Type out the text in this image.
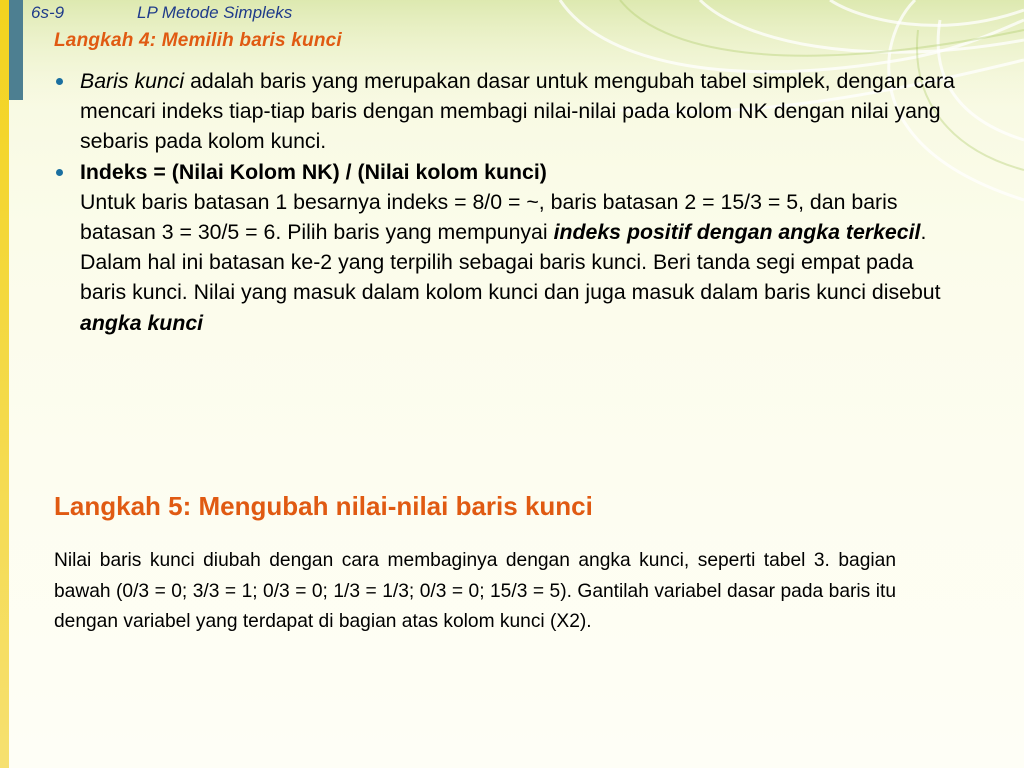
6s-9	LP Metode Simpleks
Langkah 4: Memilih baris kunci
Baris kunci adalah baris yang merupakan dasar untuk mengubah tabel simplek, dengan cara mencari indeks tiap-tiap baris dengan membagi nilai-nilai pada kolom NK dengan nilai yang sebaris pada kolom kunci.
Indeks = (Nilai Kolom NK) / (Nilai kolom kunci)
Untuk baris batasan 1 besarnya indeks = 8/0 = ~, baris batasan 2 = 15/3 = 5, dan baris batasan 3 = 30/5 = 6. Pilih baris yang mempunyai indeks positif dengan angka terkecil. Dalam hal ini batasan ke-2 yang terpilih sebagai baris kunci. Beri tanda segi empat pada baris kunci. Nilai yang masuk dalam kolom kunci dan juga masuk dalam baris kunci disebut angka kunci
Langkah 5: Mengubah nilai-nilai baris kunci

Nilai baris kunci diubah dengan cara membaginya dengan angka kunci, seperti tabel 3. bagian bawah (0/3 = 0; 3/3 = 1; 0/3 = 0; 1/3 = 1/3; 0/3 = 0; 15/3 = 5). Gantilah variabel dasar pada baris itu dengan variabel yang terdapat di bagian atas kolom kunci (X2).
